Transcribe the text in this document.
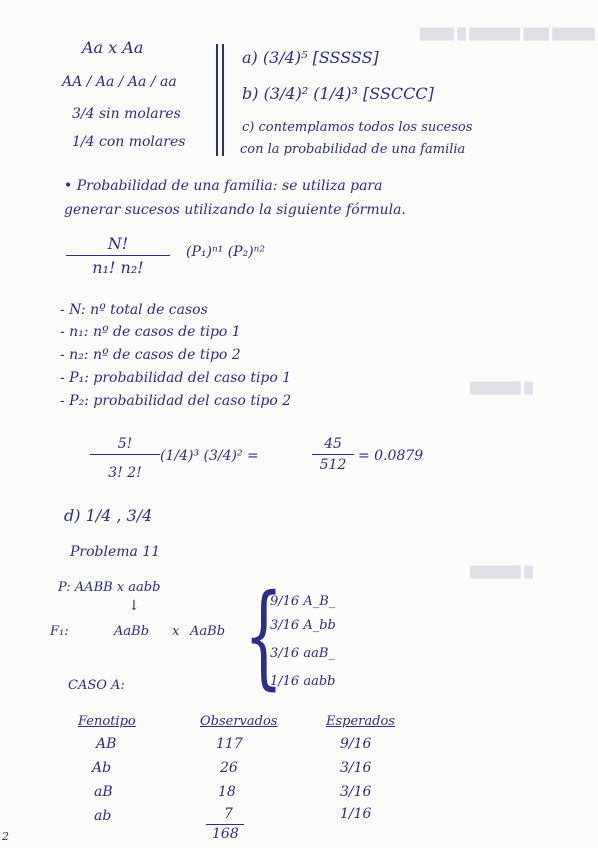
████ █ ██████ ███ █████
██████ █
██████ █
Aa x Aa
AA / Aa / Aa / aa
3/4 sin molares
1/4 con molares
a) (3/4)⁵ [SSSSS]
b) (3/4)² (1/4)³ [SSCCC]
c) contemplamos todos los sucesos
con la probabilidad de una familia
• Probabilidad de una familia: se utiliza para
generar sucesos utilizando la siguiente fórmula.
N!
n₁! n₂!
(P₁)ⁿ¹ (P₂)ⁿ²
- N: nº total de casos
- n₁: nº de casos de tipo 1
- n₂: nº de casos de tipo 2
- P₁: probabilidad del caso tipo 1
- P₂: probabilidad del caso tipo 2
5!
3! 2!
(1/4)³ (3/4)² =
45
512
= 0.0879
d) 1/4 , 3/4
Problema 11
P: AABB x aabb
↓
F₁:	AaBb x AaBb
CASO A: {
9/16 A_B_
3/16 A_bb
3/16 aaB_
1/16 aabb
Fenotipo	Observados	Esperados
AB	117	9/16
Ab	26	3/16
aB	18	3/16
ab	7	1/16
168
2
